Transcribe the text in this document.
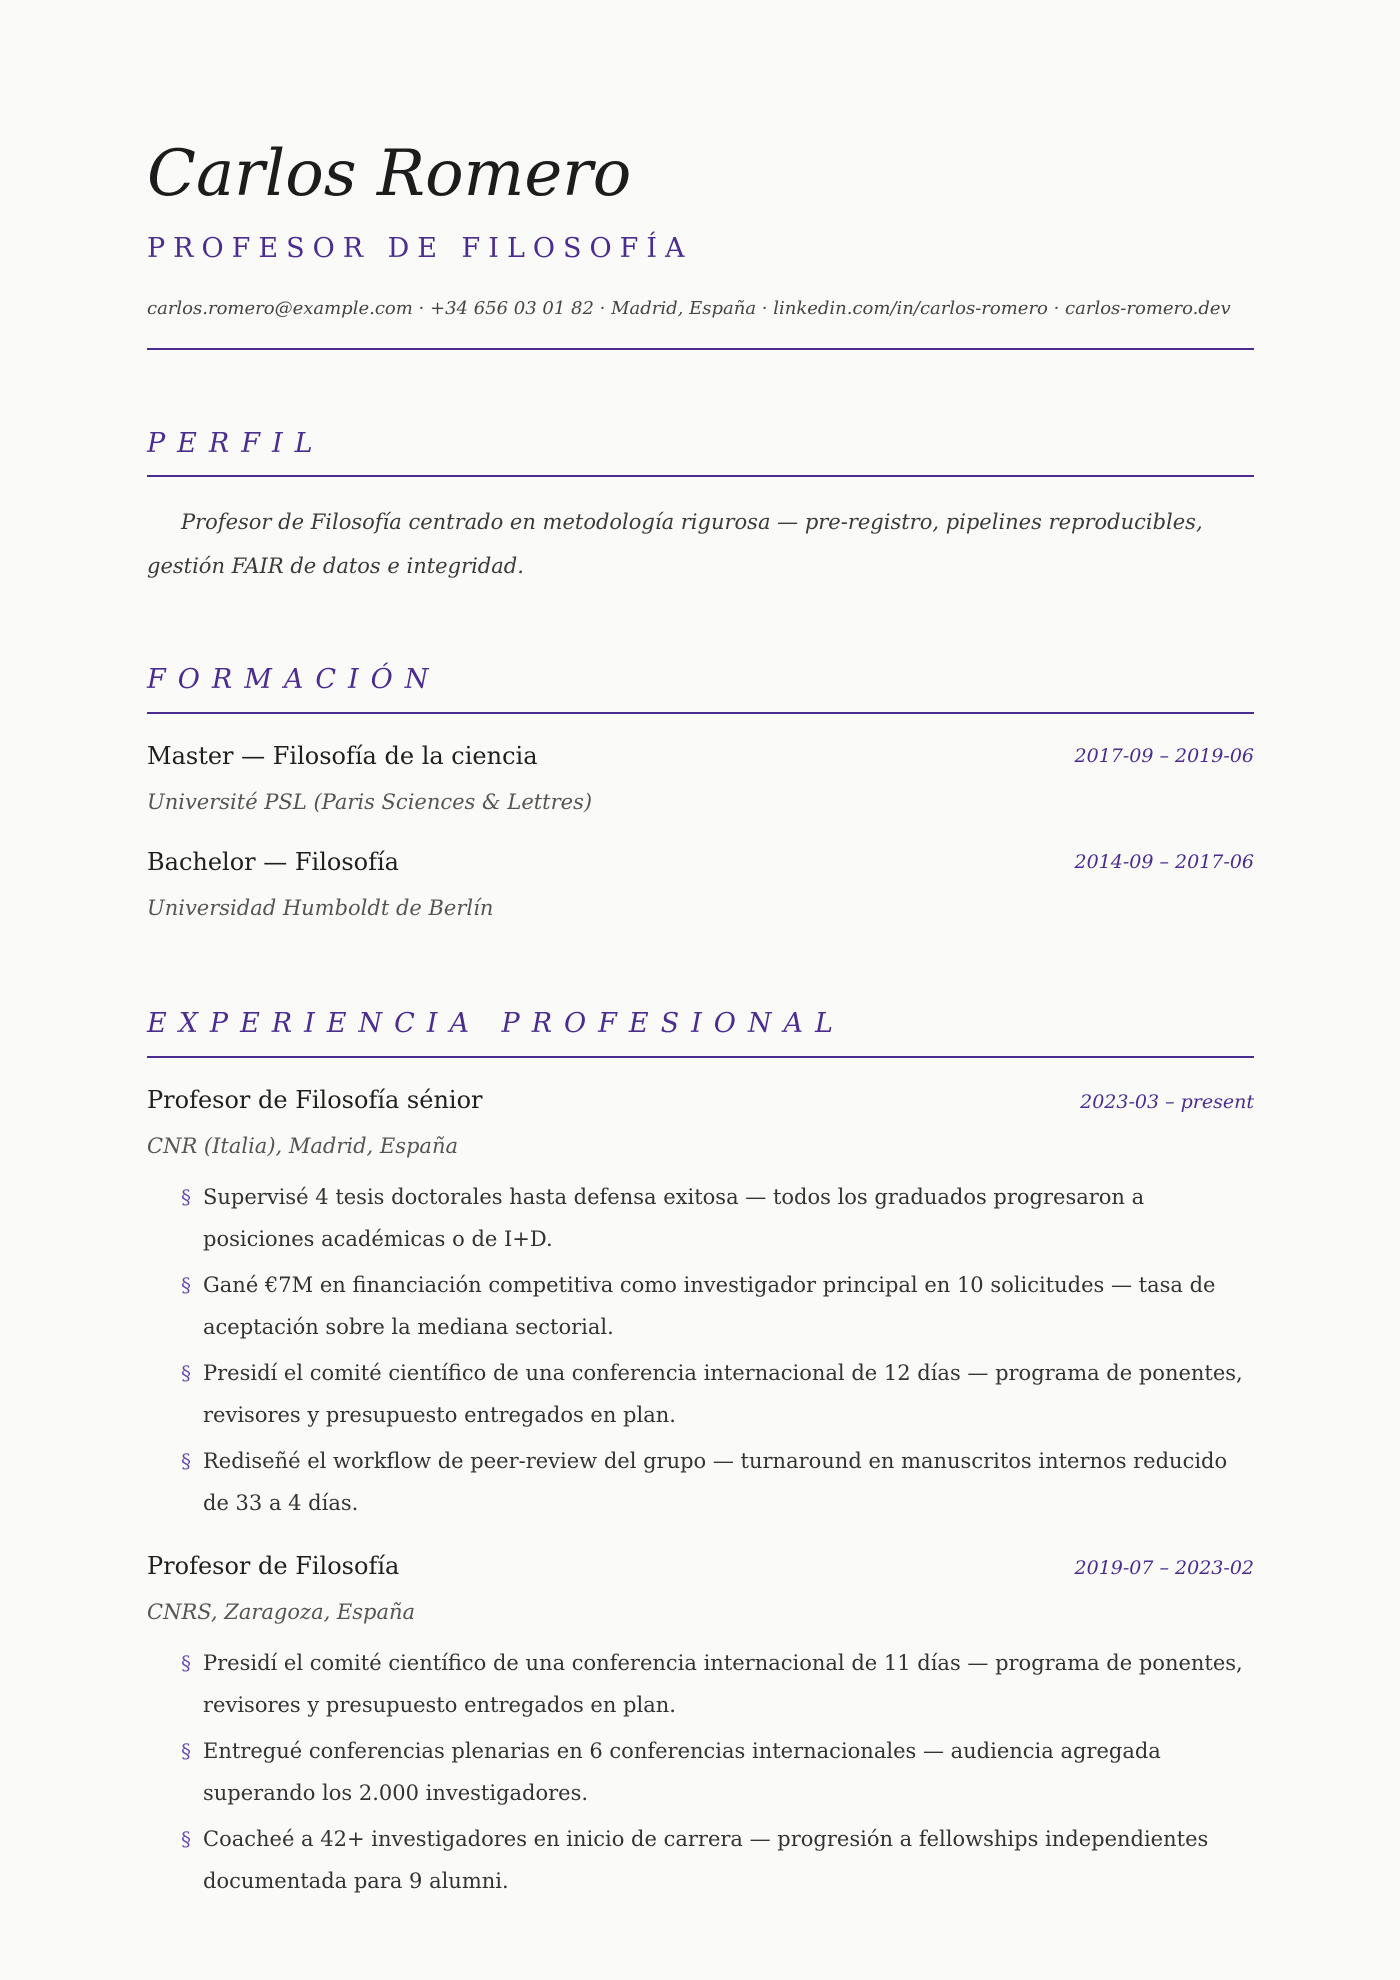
Carlos Romero
PROFESOR DE FILOSOFÍA
carlos.romero@example.com · +34 656 03 01 82 · Madrid, España · linkedin.com/in/carlos-romero · carlos-romero.dev
PERFIL
Profesor de Filosofía centrado en metodología rigurosa — pre-registro, pipelines reproducibles, gestión FAIR de datos e integridad.
FORMACIÓN
Master — Filosofía de la ciencia	2017-09 – 2019-06
Université PSL (Paris Sciences & Lettres)
Bachelor — Filosofía	2014-09 – 2017-06
Universidad Humboldt de Berlín
EXPERIENCIA PROFESIONAL
Profesor de Filosofía sénior	2023-03 – present
CNR (Italia), Madrid, España
§ Supervisé 4 tesis doctorales hasta defensa exitosa — todos los graduados progresaron a posiciones académicas o de I+D.
§ Gané €7M en financiación competitiva como investigador principal en 10 solicitudes — tasa de aceptación sobre la mediana sectorial.
§ Presidí el comité científico de una conferencia internacional de 12 días — programa de ponentes, revisores y presupuesto entregados en plan.
§ Rediseñé el workflow de peer-review del grupo — turnaround en manuscritos internos reducido de 33 a 4 días.
Profesor de Filosofía	2019-07 – 2023-02
CNRS, Zaragoza, España
§ Presidí el comité científico de una conferencia internacional de 11 días — programa de ponentes, revisores y presupuesto entregados en plan.
§ Entregué conferencias plenarias en 6 conferencias internacionales — audiencia agregada superando los 2.000 investigadores.
§ Coacheé a 42+ investigadores en inicio de carrera — progresión a fellowships independientes documentada para 9 alumni.
